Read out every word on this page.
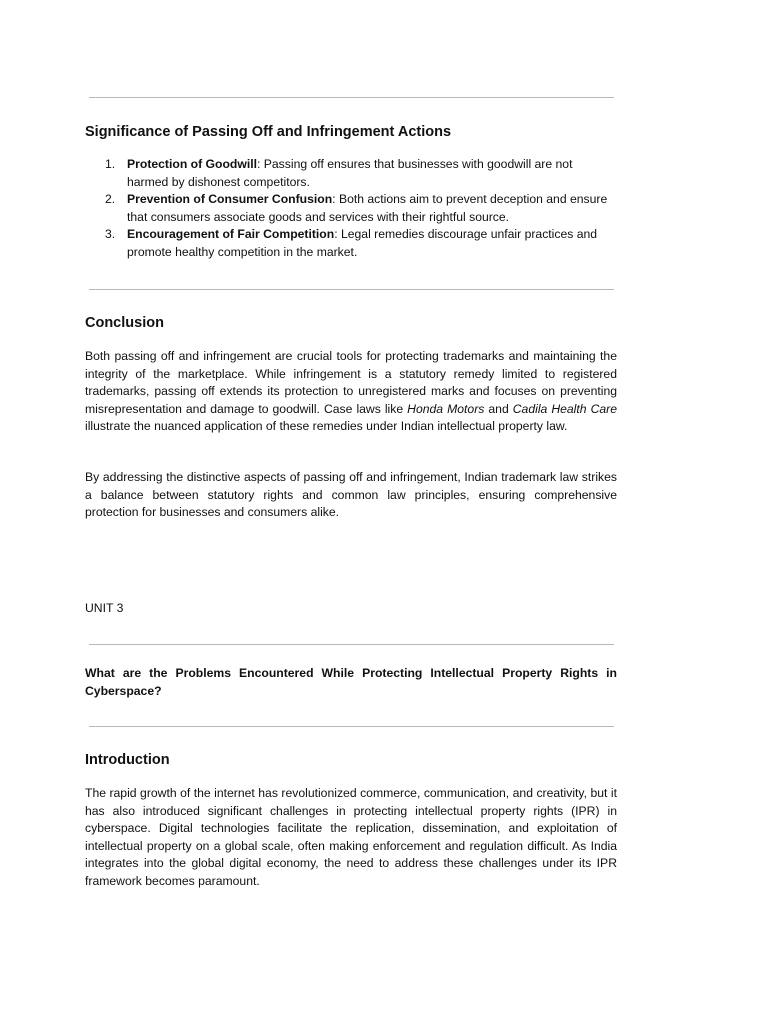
Significance of Passing Off and Infringement Actions
1. Protection of Goodwill: Passing off ensures that businesses with goodwill are not harmed by dishonest competitors.
2. Prevention of Consumer Confusion: Both actions aim to prevent deception and ensure that consumers associate goods and services with their rightful source.
3. Encouragement of Fair Competition: Legal remedies discourage unfair practices and promote healthy competition in the market.
Conclusion

Both passing off and infringement are crucial tools for protecting trademarks and maintaining the integrity of the marketplace. While infringement is a statutory remedy limited to registered trademarks, passing off extends its protection to unregistered marks and focuses on preventing misrepresentation and damage to goodwill. Case laws like Honda Motors and Cadila Health Care illustrate the nuanced application of these remedies under Indian intellectual property law.

By addressing the distinctive aspects of passing off and infringement, Indian trademark law strikes a balance between statutory rights and common law principles, ensuring comprehensive protection for businesses and consumers alike.

UNIT 3

What are the Problems Encountered While Protecting Intellectual Property Rights in Cyberspace?

Introduction

The rapid growth of the internet has revolutionized commerce, communication, and creativity, but it has also introduced significant challenges in protecting intellectual property rights (IPR) in cyberspace. Digital technologies facilitate the replication, dissemination, and exploitation of intellectual property on a global scale, often making enforcement and regulation difficult. As India integrates into the global digital economy, the need to address these challenges under its IPR framework becomes paramount.
